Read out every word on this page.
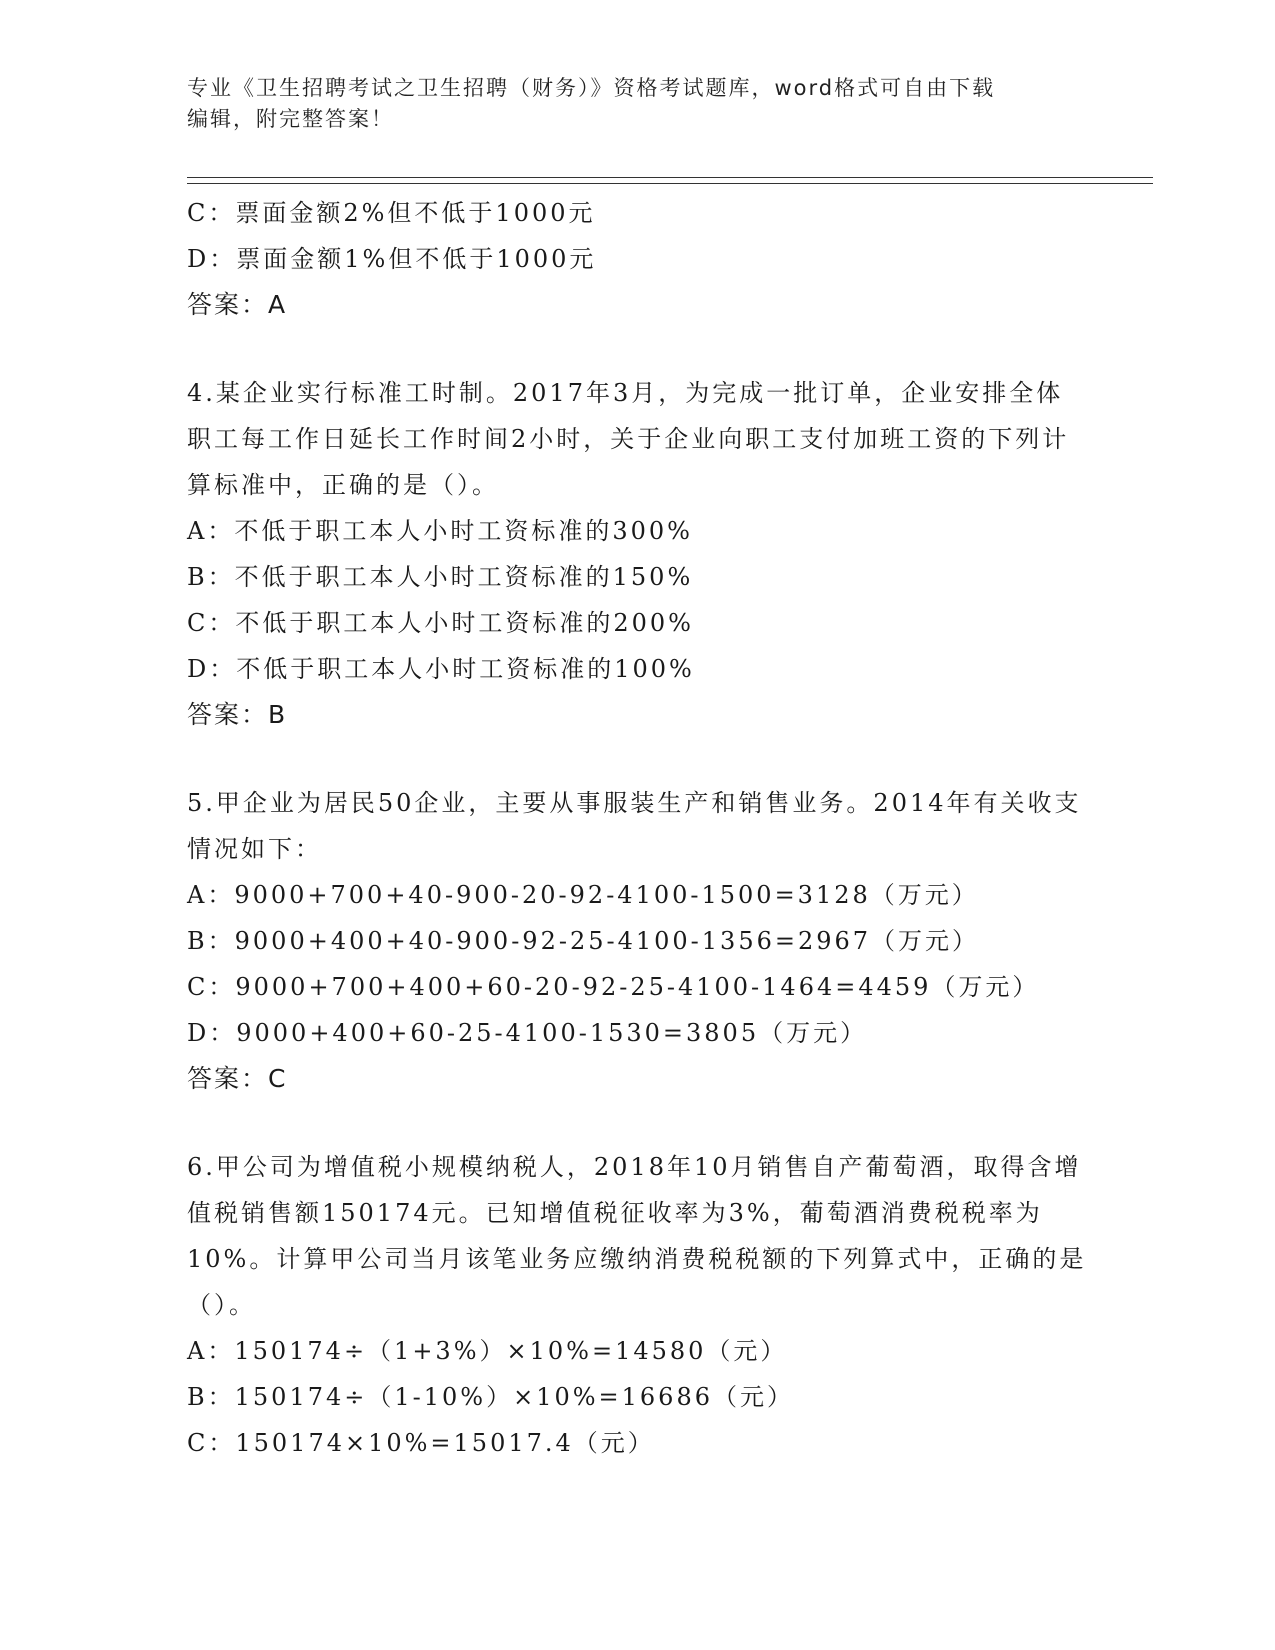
专业《卫生招聘考试之卫生招聘（财务）》资格考试题库，word格式可自由下载
编辑，附完整答案！
C：票面金额2%但不低于1000元
D：票面金额1%但不低于1000元
答案：A
4.某企业实行标准工时制。2017年3月，为完成一批订单，企业安排全体职工每工作日延长工作时间2小时，关于企业向职工支付加班工资的下列计算标准中，正确的是（）。
A：不低于职工本人小时工资标准的300%
B：不低于职工本人小时工资标准的150%
C：不低于职工本人小时工资标准的200%
D：不低于职工本人小时工资标准的100%
答案：B
5.甲企业为居民50企业，主要从事服装生产和销售业务。2014年有关收支情况如下：
A：9000+700+40-900-20-92-4100-1500=3128（万元）
B：9000+400+40-900-92-25-4100-1356=2967（万元）
C：9000+700+400+60-20-92-25-4100-1464=4459（万元）
D：9000+400+60-25-4100-1530=3805（万元）
答案：C
6.甲公司为增值税小规模纳税人，2018年10月销售自产葡萄酒，取得含增值税销售额150174元。已知增值税征收率为3%，葡萄酒消费税税率为10%。计算甲公司当月该笔业务应缴纳消费税税额的下列算式中，正确的是（）。
A：150174÷（1+3%）×10%=14580（元）
B：150174÷（1-10%）×10%=16686（元）
C：150174×10%=15017.4（元）
